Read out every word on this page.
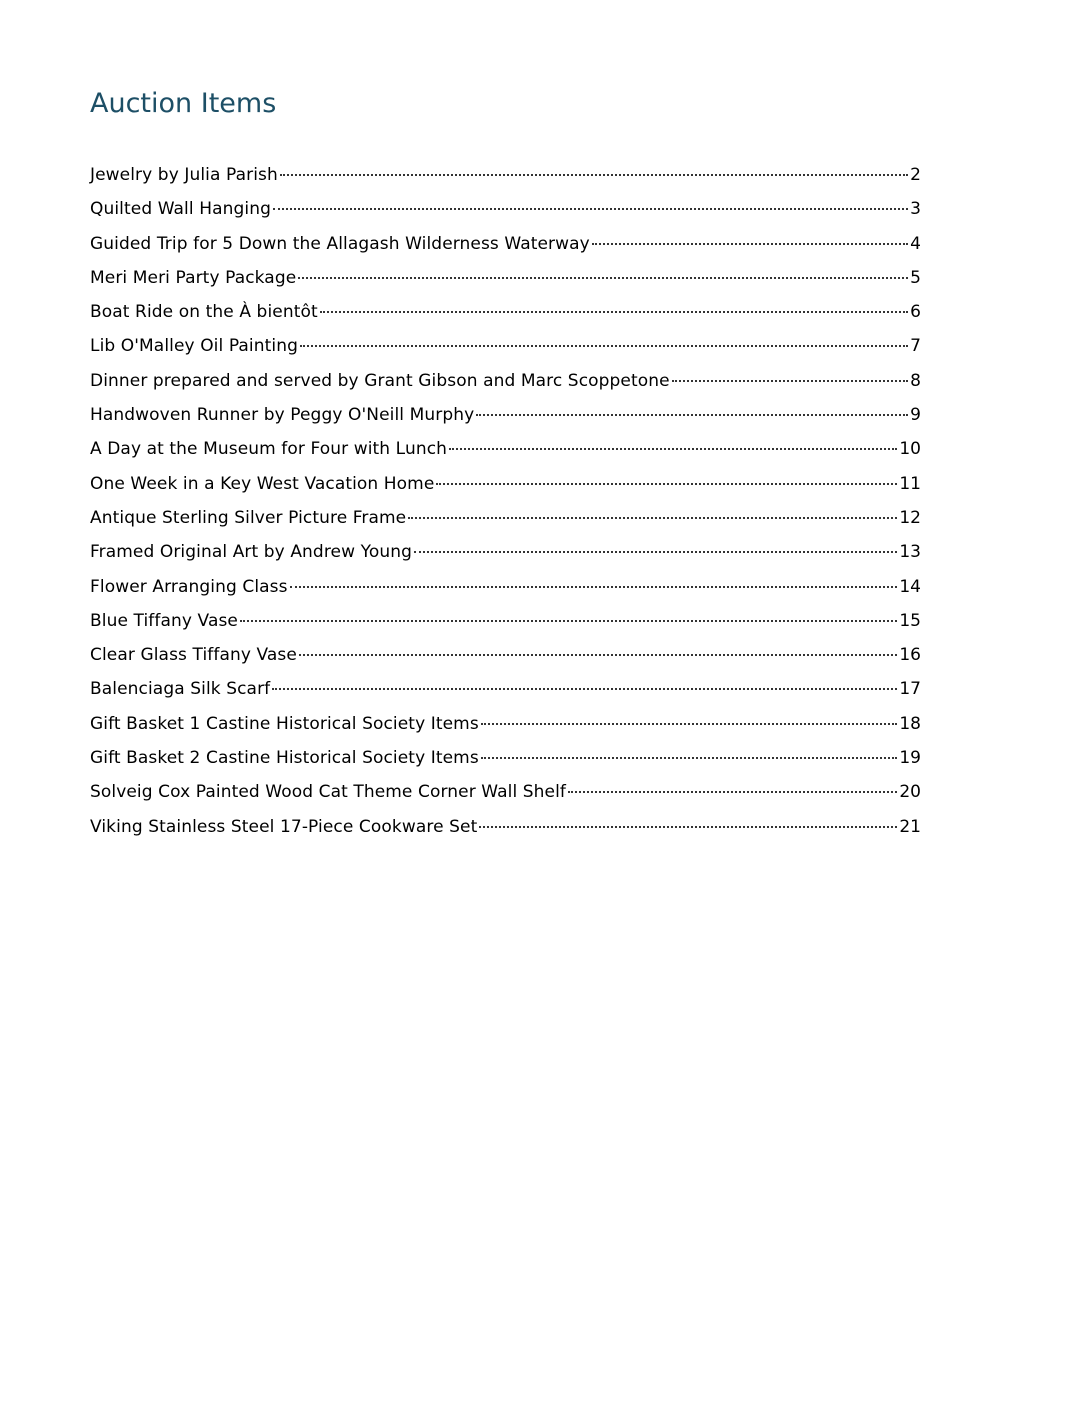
Auction Items
Jewelry by Julia Parish	2
Quilted Wall Hanging	3
Guided Trip for 5 Down the Allagash Wilderness Waterway	4
Meri Meri Party Package	5
Boat Ride on the À bientôt	6
Lib O'Malley Oil Painting	7
Dinner prepared and served by Grant Gibson and Marc Scoppetone	8
Handwoven Runner by Peggy O'Neill Murphy	9
A Day at the Museum for Four with Lunch	10
One Week in a Key West Vacation Home	11
Antique Sterling Silver Picture Frame	12
Framed Original Art by Andrew Young	13
Flower Arranging Class	14
Blue Tiffany Vase	15
Clear Glass Tiffany Vase	16
Balenciaga Silk Scarf	17
Gift Basket 1 Castine Historical Society Items	18
Gift Basket 2 Castine Historical Society Items	19
Solveig Cox Painted Wood Cat Theme Corner Wall Shelf	20
Viking Stainless Steel 17-Piece Cookware Set	21
